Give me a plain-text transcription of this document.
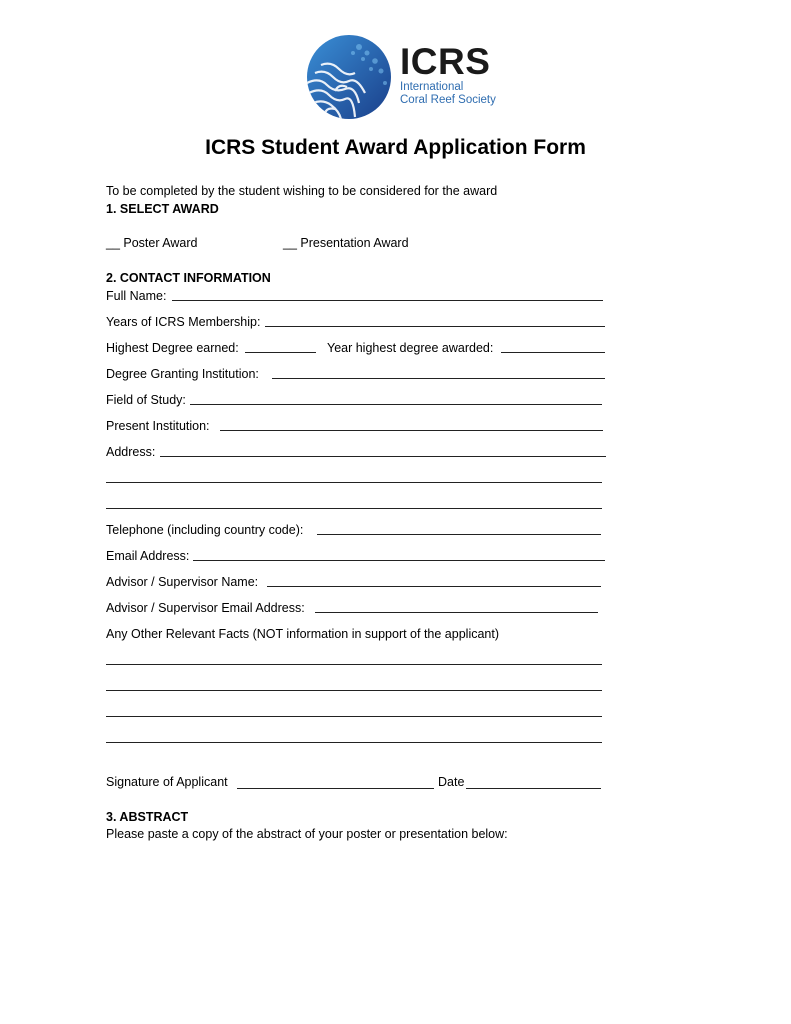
ICRS
International
Coral Reef Society
ICRS Student Award Application Form
To be completed by the student wishing to be considered for the award
1. SELECT AWARD
__ Poster Award	__ Presentation Award
2. CONTACT INFORMATION
Full Name:
Years of ICRS Membership:
Highest Degree earned:	Year highest degree awarded:
Degree Granting Institution:
Field of Study:
Present Institution:
Address:
Telephone (including country code):
Email Address:
Advisor / Supervisor Name:
Advisor / Supervisor Email Address:
Any Other Relevant Facts (NOT information in support of the applicant)
Signature of Applicant	Date
3. ABSTRACT
Please paste a copy of the abstract of your poster or presentation below:
